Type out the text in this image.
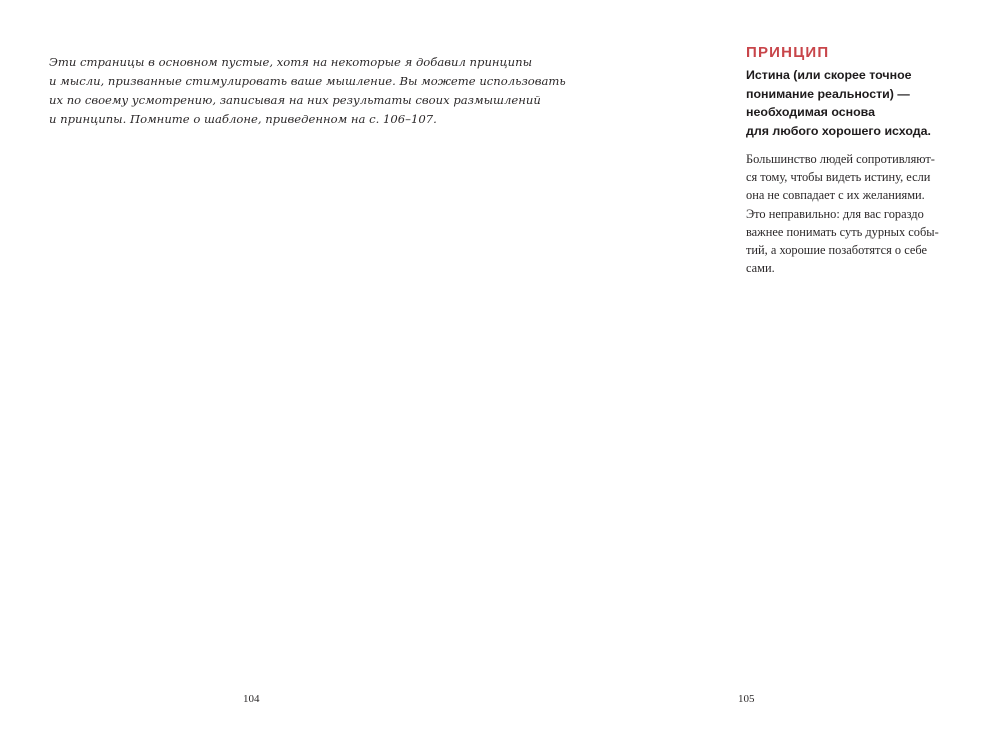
Эти страницы в основном пустые, хотя на некоторые я добавил принципы
и мысли, призванные стимулировать ваше мышление. Вы можете использовать
их по своему усмотрению, записывая на них результаты своих размышлений
и принципы. Помните о шаблоне, приведенном на с. 106–107.

104
ПРИНЦИП
Истина (или скорее точное
понимание реальности) —
необходимая основа
для любого хорошего исхода.

Большинство людей сопротивляют-
ся тому, чтобы видеть истину, если
она не совпадает с их желаниями.
Это неправильно: для вас гораздо
важнее понимать суть дурных собы-
тий, а хорошие позаботятся о себе
сами.

105
